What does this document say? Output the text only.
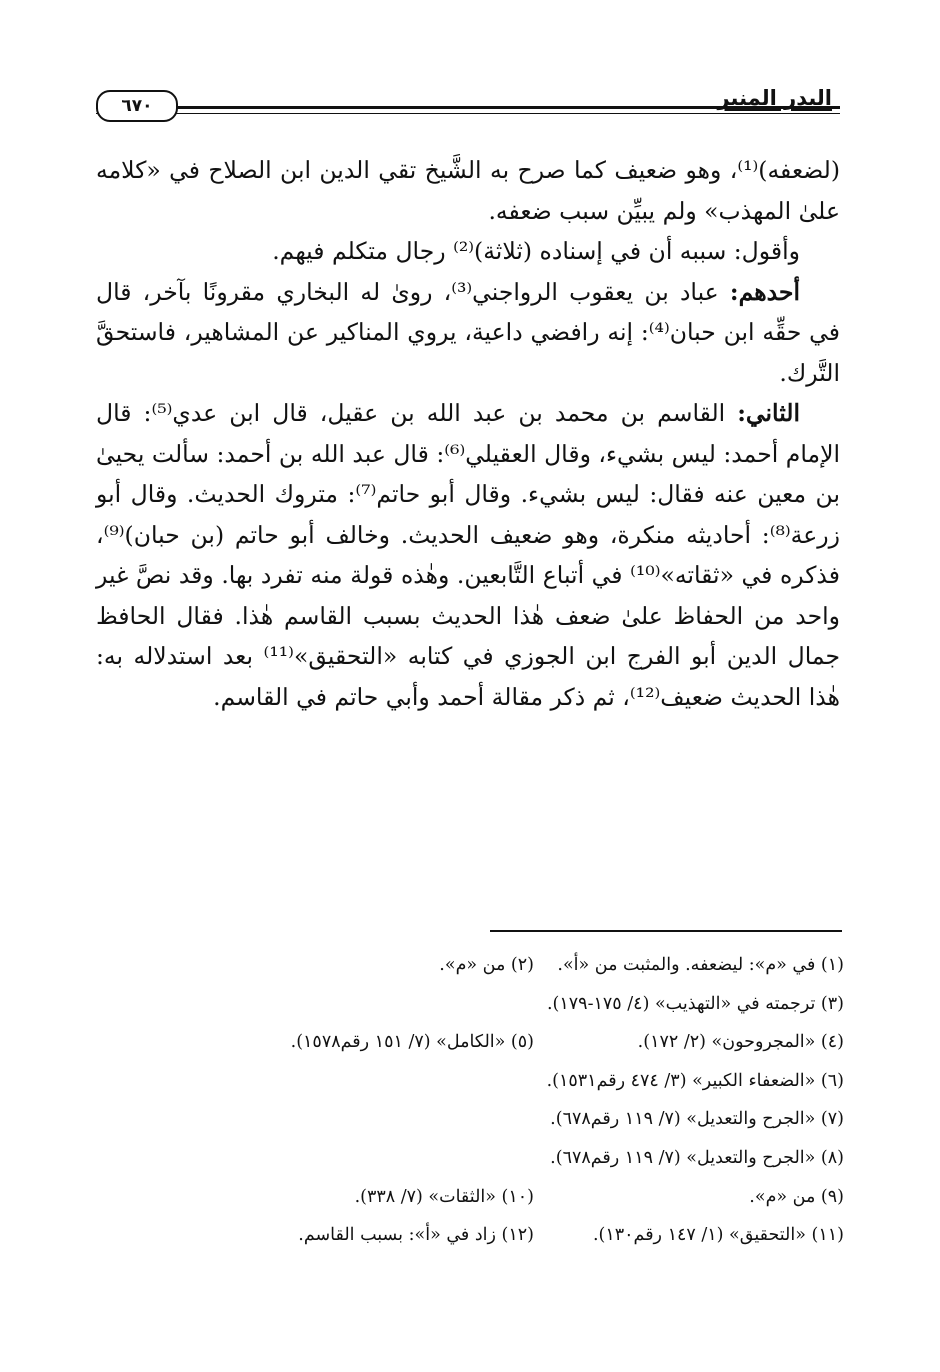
البدر المنير
٦٧٠

(لضعفه)⁽¹⁾، وهو ضعيف كما صرح به الشَّيخ تقي الدين ابن الصلاح في «كلامه علىٰ المهذب» ولم يبيِّن سبب ضعفه.

وأقول: سببه أن في إسناده (ثلاثة)⁽²⁾ رجال متكلم فيهم.

أحدهم: عباد بن يعقوب الرواجني⁽³⁾، روىٰ له البخاري مقرونًا بآخر، قال في حقِّه ابن حبان⁽⁴⁾: إنه رافضي داعية، يروي المناكير عن المشاهير، فاستحقَّ التَّرك.

الثاني: القاسم بن محمد بن عبد الله بن عقيل، قال ابن عدي⁽⁵⁾: قال الإمام أحمد: ليس بشيء، وقال العقيلي⁽⁶⁾: قال عبد الله بن أحمد: سألت يحيىٰ بن معين عنه فقال: ليس بشيء. وقال أبو حاتم⁽⁷⁾: متروك الحديث. وقال أبو زرعة⁽⁸⁾: أحاديثه منكرة، وهو ضعيف الحديث. وخالف أبو حاتم (بن حبان)⁽⁹⁾، فذكره في «ثقاته»⁽¹⁰⁾ في أتباع التَّابعين. وهٰذه قولة منه تفرد بها. وقد نصَّ غير واحد من الحفاظ علىٰ ضعف هٰذا الحديث بسبب القاسم هٰذا. فقال الحافظ جمال الدين أبو الفرج ابن الجوزي في كتابه «التحقيق»⁽¹¹⁾ بعد استدلاله به: هٰذا الحديث ضعيف⁽¹²⁾، ثم ذكر مقالة أحمد وأبي حاتم في القاسم.

(١) في «م»: ليضعفه. والمثبت من «أ».
(٢) من «م».
(٣) ترجمته في «التهذيب» (٤/ ١٧٥-١٧٩).
(٤) «المجروحون» (٢/ ١٧٢).
(٥) «الكامل» (٧/ ١٥١ رقم١٥٧٨).
(٦) «الضعفاء الكبير» (٣/ ٤٧٤ رقم١٥٣١).
(٧) «الجرح والتعديل» (٧/ ١١٩ رقم٦٧٨).
(٨) «الجرح والتعديل» (٧/ ١١٩ رقم٦٧٨).
(٩) من «م».
(١٠) «الثقات» (٧/ ٣٣٨).
(١١) «التحقيق» (١/ ١٤٧ رقم١٣٠).
(١٢) زاد في «أ»: بسبب القاسم.
